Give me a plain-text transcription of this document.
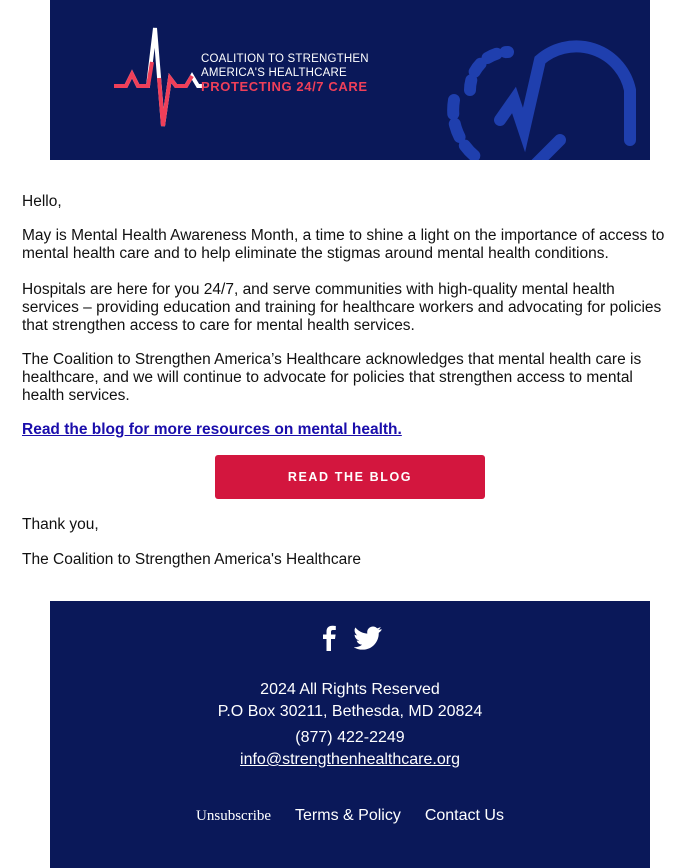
COALITION TO STRENGTHEN
AMERICA'S HEALTHCARE
PROTECTING 24/7 CARE

Hello,

May is Mental Health Awareness Month, a time to shine a light on the importance of access to mental health care and to help eliminate the stigmas around mental health conditions.

Hospitals are here for you 24/7, and serve communities with high-quality mental health services – providing education and training for healthcare workers and advocating for policies that strengthen access to care for mental health services.

The Coalition to Strengthen America’s Healthcare acknowledges that mental health care is healthcare, and we will continue to advocate for policies that strengthen access to mental health services.

Read the blog for more resources on mental health.

Thank you,

The Coalition to Strengthen America's Healthcare

READ THE BLOG
2024 All Rights Reserved
P.O Box 30211, Bethesda, MD 20824
(877) 422-2249
info@strengthenhealthcare.org
Unsubscribe Terms & Policy Contact Us
